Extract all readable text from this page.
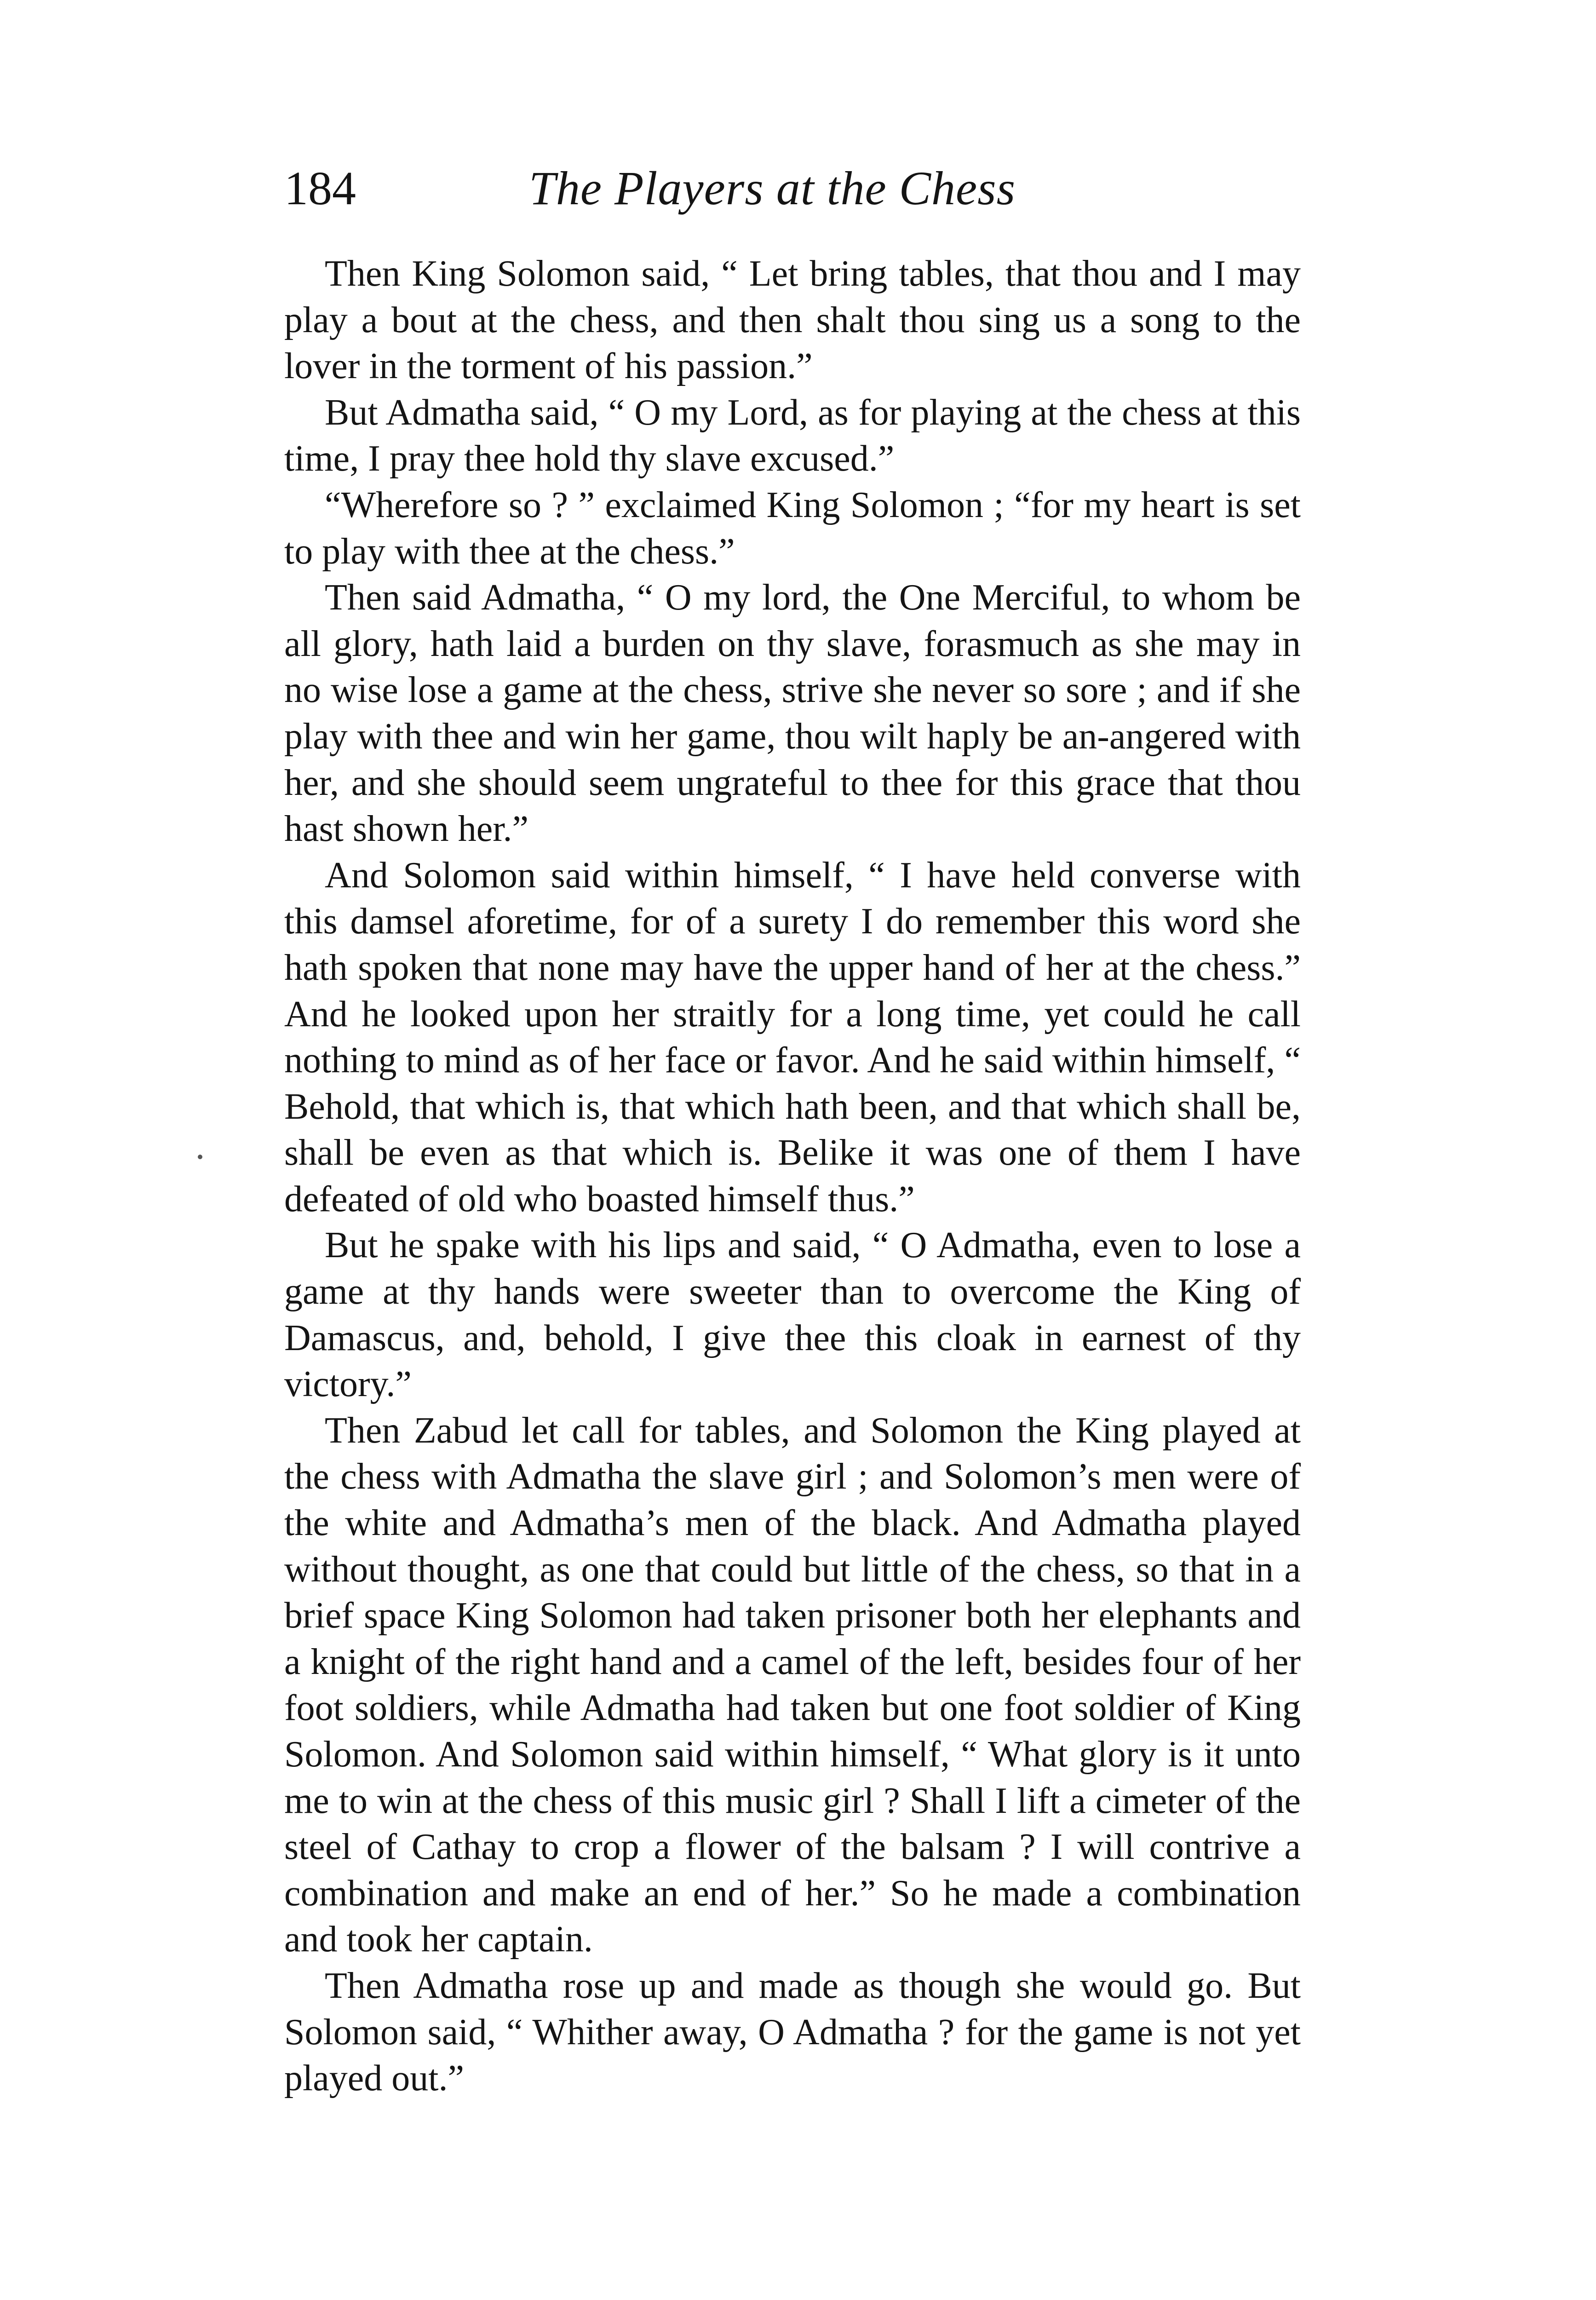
184	The Players at the Chess

Then King Solomon said, “ Let bring tables, that thou and I may play a bout at the chess, and then shalt thou sing us a song to the lover in the torment of his passion.”

But Admatha said, “ O my Lord, as for playing at the chess at this time, I pray thee hold thy slave excused.”

“Wherefore so ? ” exclaimed King Solomon ; “for my heart is set to play with thee at the chess.”

Then said Admatha, “ O my lord, the One Merciful, to whom be all glory, hath laid a burden on thy slave, forasmuch as she may in no wise lose a game at the chess, strive she never so sore ; and if she play with thee and win her game, thou wilt haply be an-angered with her, and she should seem ungrateful to thee for this grace that thou hast shown her.”

And Solomon said within himself, “ I have held converse with this damsel aforetime, for of a surety I do remember this word she hath spoken that none may have the upper hand of her at the chess.” And he looked upon her straitly for a long time, yet could he call nothing to mind as of her face or favor. And he said within himself, “ Behold, that which is, that which hath been, and that which shall be, shall be even as that which is. Belike it was one of them I have defeated of old who boasted himself thus.”

But he spake with his lips and said, “ O Admatha, even to lose a game at thy hands were sweeter than to overcome the King of Damascus, and, behold, I give thee this cloak in earnest of thy victory.”

Then Zabud let call for tables, and Solomon the King played at the chess with Admatha the slave girl ; and Solomon’s men were of the white and Admatha’s men of the black. And Admatha played without thought, as one that could but little of the chess, so that in a brief space King Solomon had taken prisoner both her elephants and a knight of the right hand and a camel of the left, besides four of her foot soldiers, while Admatha had taken but one foot soldier of King Solomon. And Solomon said within himself, “ What glory is it unto me to win at the chess of this music girl ? Shall I lift a cimeter of the steel of Cathay to crop a flower of the balsam ? I will contrive a combination and make an end of her.” So he made a combination and took her captain.

Then Admatha rose up and made as though she would go. But Solomon said, “ Whither away, O Admatha ? for the game is not yet played out.”
